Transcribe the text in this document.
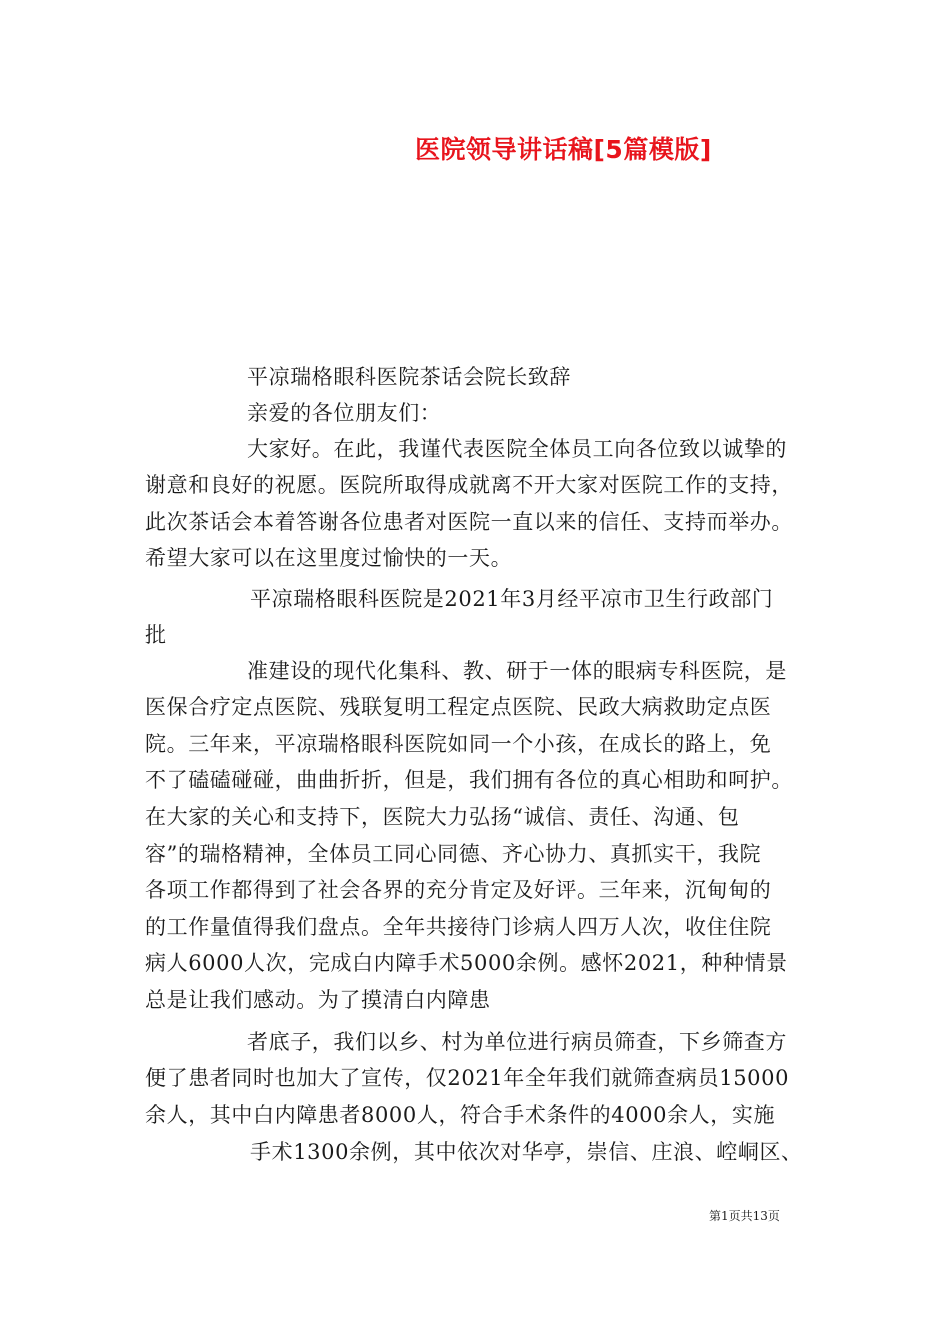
医院领导讲话稿[5篇模版]
平凉瑞格眼科医院茶话会院长致辞
亲爱的各位朋友们：
大家好。在此，我谨代表医院全体员工向各位致以诚挚的
谢意和良好的祝愿。医院所取得成就离不开大家对医院工作的支持，
此次茶话会本着答谢各位患者对医院一直以来的信任、支持而举办。
希望大家可以在这里度过愉快的一天。
平凉瑞格眼科医院是2021年3月经平凉市卫生行政部门
批
准建设的现代化集科、教、研于一体的眼病专科医院，是
医保合疗定点医院、残联复明工程定点医院、民政大病救助定点医
院。三年来，平凉瑞格眼科医院如同一个小孩，在成长的路上，免
不了磕磕碰碰，曲曲折折，但是，我们拥有各位的真心相助和呵护。
在大家的关心和支持下，医院大力弘扬“诚信、责任、沟通、包
容”的瑞格精神，全体员工同心同德、齐心协力、真抓实干，我院
各项工作都得到了社会各界的充分肯定及好评。三年来，沉甸甸的
的工作量值得我们盘点。全年共接待门诊病人四万人次，收住住院
病人6000人次，完成白内障手术5000余例。感怀2021，种种情景
总是让我们感动。为了摸清白内障患
者底子，我们以乡、村为单位进行病员筛查，下乡筛查方
便了患者同时也加大了宣传，仅2021年全年我们就筛查病员15000
余人，其中白内障患者8000人，符合手术条件的4000余人，实施
手术1300余例，其中依次对华亭，崇信、庄浪、崆峒区、
第1页共13页
